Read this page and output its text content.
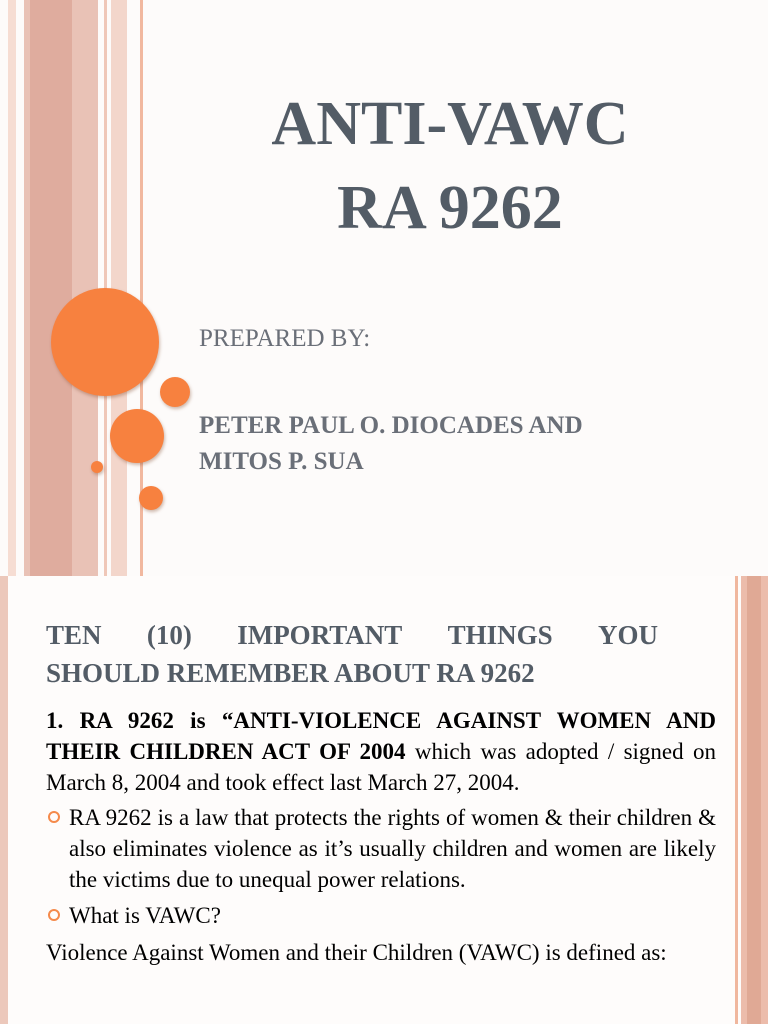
ANTI-VAWC
RA 9262

PREPARED BY:

PETER PAUL O. DIOCADES AND
MITOS P. SUA

TEN (10) IMPORTANT THINGS YOU
SHOULD REMEMBER ABOUT RA 9262

1. RA 9262 is “ANTI-VIOLENCE AGAINST WOMEN AND THEIR CHILDREN ACT OF 2004 which was adopted / signed on March 8, 2004 and took effect last March 27, 2004.

RA 9262 is a law that protects the rights of women & their children & also eliminates violence as it’s usually children and women are likely the victims due to unequal power relations.
What is VAWC?

Violence Against Women and their Children (VAWC) is defined as:
